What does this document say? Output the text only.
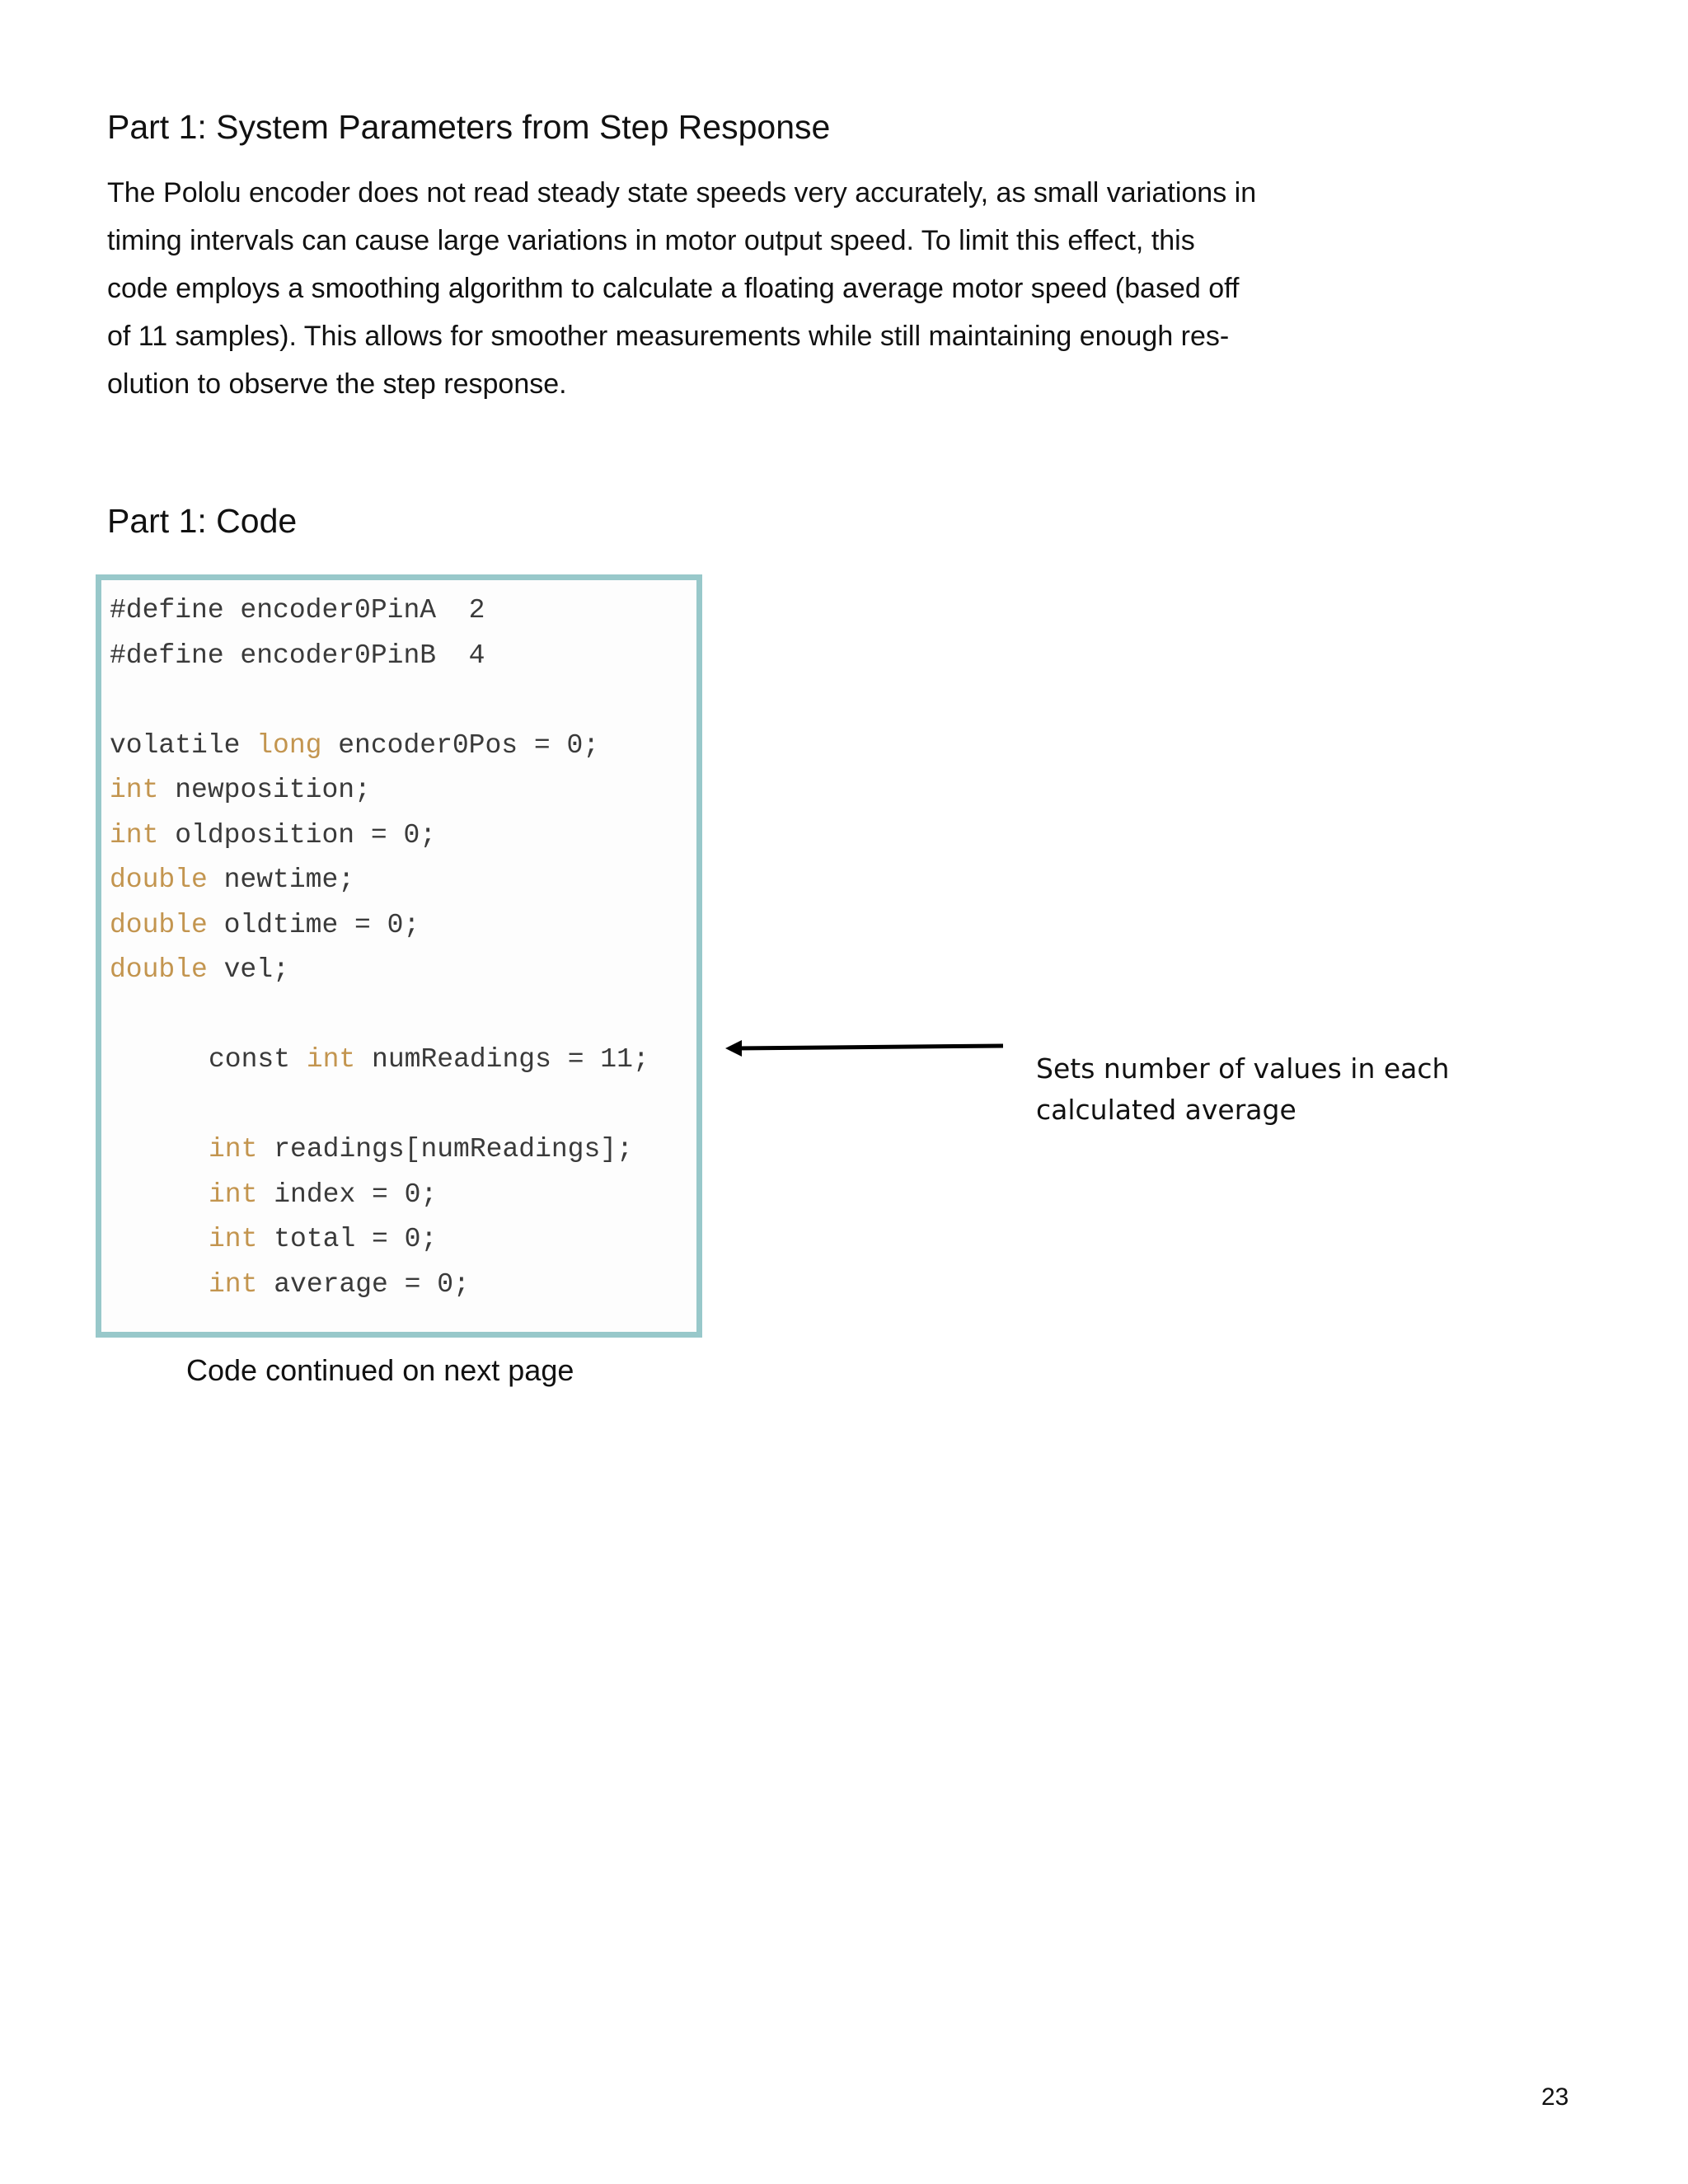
Part 1: System Parameters from Step Response
The Pololu encoder does not read steady state speeds very accurately, as small variations in
timing intervals can cause large variations in motor output speed. To limit this effect, this
code employs a smoothing algorithm to calculate a floating average motor speed (based off
of 11 samples). This allows for smoother measurements while still maintaining enough res-
olution to observe the step response.
Part 1: Code
#define encoder0PinA  2
#define encoder0PinB  4
volatile long encoder0Pos = 0;
int newposition;
int oldposition = 0;
double newtime;
double oldtime = 0;
double vel;
const int numReadings = 11;
int readings[numReadings];
int index = 0;
int total = 0;
int average = 0;
Code continued on next page
Sets number of values in each
calculated average
23
